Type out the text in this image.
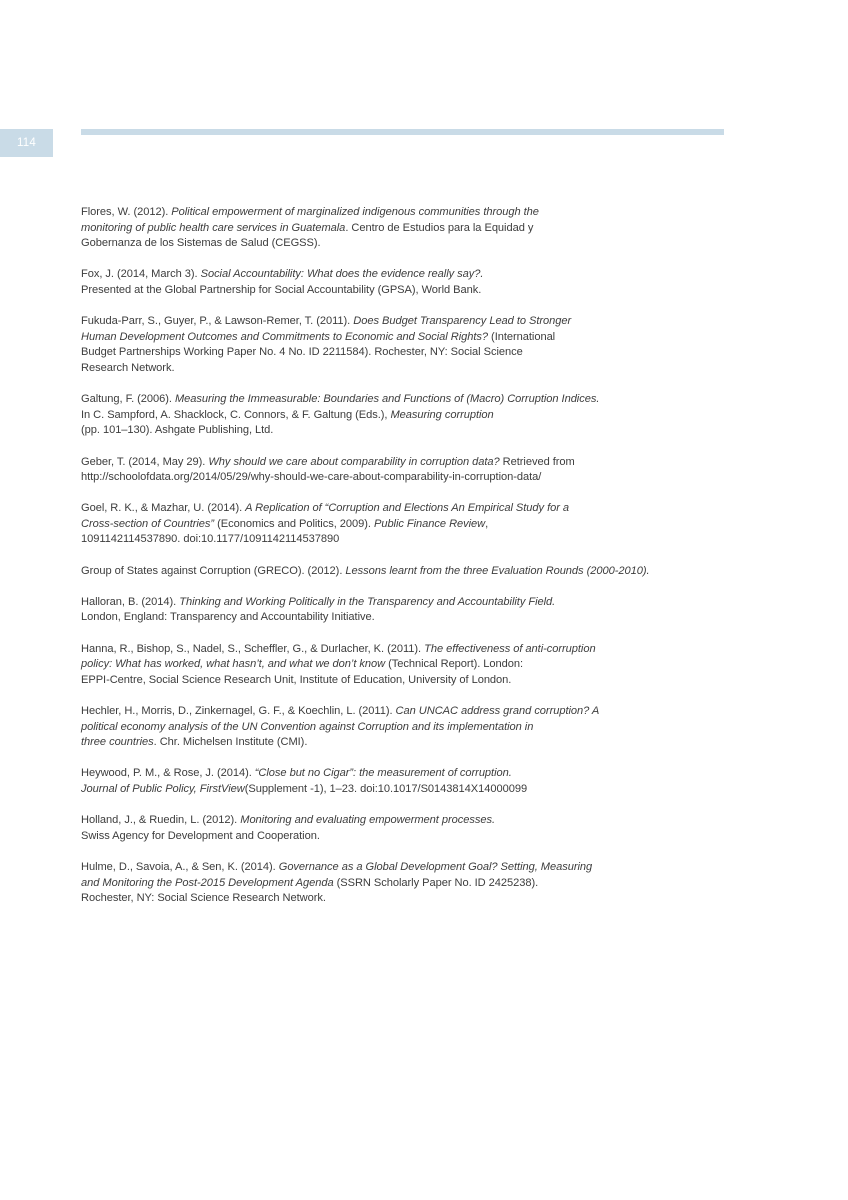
114

Flores, W. (2012). Political empowerment of marginalized indigenous communities through the
monitoring of public health care services in Guatemala. Centro de Estudios para la Equidad y
Gobernanza de los Sistemas de Salud (CEGSS).

Fox, J. (2014, March 3). Social Accountability: What does the evidence really say?.
Presented at the Global Partnership for Social Accountability (GPSA), World Bank.

Fukuda-Parr, S., Guyer, P., & Lawson-Remer, T. (2011). Does Budget Transparency Lead to Stronger
Human Development Outcomes and Commitments to Economic and Social Rights? (International
Budget Partnerships Working Paper No. 4 No. ID 2211584). Rochester, NY: Social Science
Research Network.

Galtung, F. (2006). Measuring the Immeasurable: Boundaries and Functions of (Macro) Corruption Indices.
In C. Sampford, A. Shacklock, C. Connors, & F. Galtung (Eds.), Measuring corruption
(pp. 101–130). Ashgate Publishing, Ltd.

Geber, T. (2014, May 29). Why should we care about comparability in corruption data? Retrieved from
http://schoolofdata.org/2014/05/29/why-should-we-care-about-comparability-in-corruption-data/

Goel, R. K., & Mazhar, U. (2014). A Replication of “Corruption and Elections An Empirical Study for a
Cross-section of Countries” (Economics and Politics, 2009). Public Finance Review,
1091142114537890. doi:10.1177/1091142114537890

Group of States against Corruption (GRECO). (2012). Lessons learnt from the three Evaluation Rounds (2000-2010).

Halloran, B. (2014). Thinking and Working Politically in the Transparency and Accountability Field.
London, England: Transparency and Accountability Initiative.

Hanna, R., Bishop, S., Nadel, S., Scheffler, G., & Durlacher, K. (2011). The effectiveness of anti-corruption
policy: What has worked, what hasn’t, and what we don’t know (Technical Report). London:
EPPI-Centre, Social Science Research Unit, Institute of Education, University of London.

Hechler, H., Morris, D., Zinkernagel, G. F., & Koechlin, L. (2011). Can UNCAC address grand corruption? A
political economy analysis of the UN Convention against Corruption and its implementation in
three countries. Chr. Michelsen Institute (CMI).

Heywood, P. M., & Rose, J. (2014). “Close but no Cigar”: the measurement of corruption.
Journal of Public Policy, FirstView(Supplement -1), 1–23. doi:10.1017/S0143814X14000099

Holland, J., & Ruedin, L. (2012). Monitoring and evaluating empowerment processes.
Swiss Agency for Development and Cooperation.

Hulme, D., Savoia, A., & Sen, K. (2014). Governance as a Global Development Goal? Setting, Measuring
and Monitoring the Post-2015 Development Agenda (SSRN Scholarly Paper No. ID 2425238).
Rochester, NY: Social Science Research Network.
